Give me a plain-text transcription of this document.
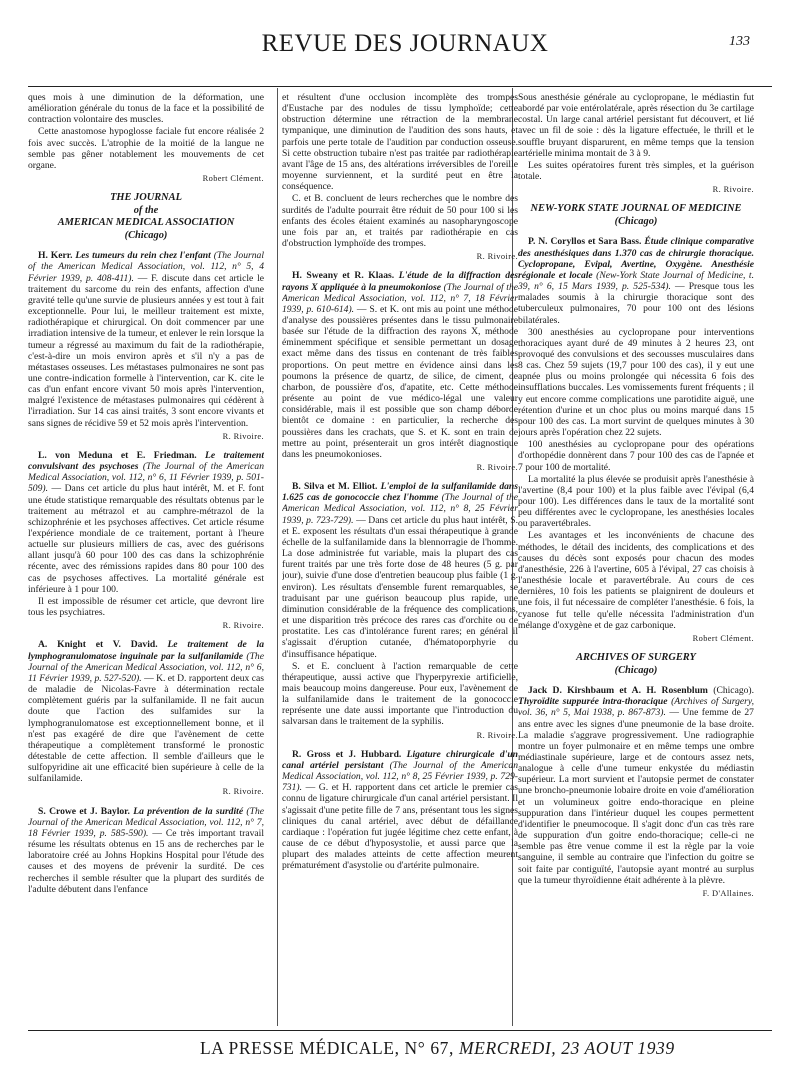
REVUE DES JOURNAUX	133

ques mois à une diminution de la déformation, une amélioration générale du tonus de la face et la possibilité de contraction volontaire des muscles.

Cette anastomose hypoglosse faciale fut encore réalisée 2 fois avec succès. L'atrophie de la moitié de la langue ne semble pas gêner notablement les mouvements de cet organe.

Robert Clément.
THE JOURNAL
of the
AMERICAN MEDICAL ASSOCIATION
(Chicago)

H. Kerr. Les tumeurs du rein chez l'enfant (The Journal of the American Medical Association, vol. 112, n° 5, 4 Février 1939, p. 408-411). — F. discute dans cet article le traitement du sarcome du rein des enfants, affection d'une gravité telle qu'une survie de plusieurs années y est tout à fait exceptionnelle. Pour lui, le meilleur traitement est mixte, radiothérapique et chirurgical. On doit commencer par une irradiation intensive de la tumeur, et enlever le rein lorsque la tumeur a régressé au maximum du fait de la radiothérapie, c'est-à-dire un mois environ après et s'il n'y a pas de métastases osseuses. Les métastases pulmonaires ne sont pas une contre-indication formelle à l'intervention, car K. cite le cas d'un enfant encore vivant 50 mois après l'intervention, malgré l'existence de métastases pulmonaires qui cédèrent à l'irradiation. Sur 14 cas ainsi traités, 3 sont encore vivants et sans signes de récidive 59 et 52 mois après l'intervention.

R. Rivoire.

L. von Meduna et E. Friedman. Le traitement convulsivant des psychoses (The Journal of the American Medical Association, vol. 112, n° 6, 11 Février 1939, p. 501-509). — Dans cet article du plus haut intérêt, M. et F. font une étude statistique remarquable des résultats obtenus par le traitement au métrazol et au camphre-métrazol de la schizophrénie et les psychoses affectives. Cet article résume l'expérience mondiale de ce traitement, portant à l'heure actuelle sur plusieurs milliers de cas, avec des guérisons allant jusqu'à 60 pour 100 des cas dans la schizophrénie récente, avec des rémissions rapides dans 80 pour 100 des cas de psychoses affectives. La mortalité générale est inférieure à 1 pour 100.

Il est impossible de résumer cet article, que devront lire tous les psychiatres.

R. Rivoire.

A. Knight et V. David. Le traitement de la lymphogranulomatose inguinale par la sulfanilamide (The Journal of the American Medical Association, vol. 112, n° 6, 11 Février 1939, p. 527-520). — K. et D. rapportent deux cas de maladie de Nicolas-Favre à détermination rectale complètement guéris par la sulfanilamide. Il ne fait aucun doute que l'action des sulfamides sur la lymphogranulomatose est exceptionnellement bonne, et il n'est pas exagéré de dire que l'avènement de cette thérapeutique a complètement transformé le pronostic détestable de cette affection. Il semble d'ailleurs que le sulfopyridine ait une efficacité bien supérieure à celle de la sulfanilamide.

R. Rivoire.

S. Crowe et J. Baylor. La prévention de la surdité (The Journal of the American Medical Association, vol. 112, n° 7, 18 Février 1939, p. 585-590). — Ce très important travail résume les résultats obtenus en 15 ans de recherches par le laboratoire créé au Johns Hopkins Hospital pour l'étude des causes et des moyens de prévenir la surdité. De ces recherches il semble résulter que la plupart des surdités de l'adulte débutent dans l'enfance

et résultent d'une occlusion incomplète des trompes d'Eustache par des nodules de tissu lymphoïde; cette obstruction détermine une rétraction de la membrane tympanique, une diminution de l'audition des sons hauts, et parfois une perte totale de l'audition par conduction osseuse. Si cette obstruction tubaire n'est pas traitée par radiothérapie avant l'âge de 15 ans, des altérations irréversibles de l'oreille moyenne surviennent, et la surdité peut en être la conséquence.

C. et B. concluent de leurs recherches que le nombre des surdités de l'adulte pourrait être réduit de 50 pour 100 si les enfants des écoles étaient examinés au nasopharyngoscope une fois par an, et traités par radiothérapie en cas d'obstruction lymphoïde des trompes.

R. Rivoire.

H. Sweany et R. Klaas. L'étude de la diffraction des rayons X appliquée à la pneumokoniose (The Journal of the American Medical Association, vol. 112, n° 7, 18 Février 1939, p. 610-614). — S. et K. ont mis au point une méthode d'analyse des poussières présentes dans le tissu pulmonaire basée sur l'étude de la diffraction des rayons X, méthode éminemment spécifique et sensible permettant un dosage exact même dans des tissus en contenant de très faibles proportions. On peut mettre en évidence ainsi dans les poumons la présence de quartz, de silice, de ciment, de charbon, de poussière d'os, d'apatite, etc. Cette méthode présente au point de vue médico-légal une valeur considérable, mais il est possible que son champ déborde bientôt ce domaine : en particulier, la recherche des poussières dans les crachats, que S. et K. sont en train de mettre au point, présenterait un gros intérêt diagnostique dans les pneumokonioses.

R. Rivoire.

B. Silva et M. Elliot. L'emploi de la sulfanilamide dans 1.625 cas de gonococcie chez l'homme (The Journal of the American Medical Association, vol. 112, n° 8, 25 Février 1939, p. 723-729). — Dans cet article du plus haut intérêt, S. et E. exposent les résultats d'un essai thérapeutique à grande échelle de la sulfanilamide dans la blennorragie de l'homme. La dose administrée fut variable, mais la plupart des cas furent traités par une très forte dose de 48 heures (5 g. par jour), suivie d'une dose d'entretien beaucoup plus faible (1 g. environ). Les résultats d'ensemble furent remarquables, se traduisant par une guérison beaucoup plus rapide, une diminution considérable de la fréquence des complications, et une disparition très précoce des rares cas d'orchite ou de prostatite. Les cas d'intolérance furent rares; en général il s'agissait d'éruption cutanée, d'hématoporphyrie ou d'insuffisance hépatique.

S. et E. concluent à l'action remarquable de cette thérapeutique, aussi active que l'hyperpyrexie artificielle, mais beaucoup moins dangereuse. Pour eux, l'avènement de la sulfanilamide dans le traitement de la gonococcie représente une date aussi importante que l'introduction du salvarsan dans le traitement de la syphilis.

R. Rivoire.

R. Gross et J. Hubbard. Ligature chirurgicale d'un canal artériel persistant (The Journal of the American Medical Association, vol. 112, n° 8, 25 Février 1939, p. 729-731). — G. et H. rapportent dans cet article le premier cas connu de ligature chirurgicale d'un canal artériel persistant. Il s'agissait d'une petite fille de 7 ans, présentant tous les signes cliniques du canal artériel, avec début de défaillance cardiaque : l'opération fut jugée légitime chez cette enfant, à cause de ce début d'hyposystolie, et aussi parce que la plupart des malades atteints de cette affection meurent prématurément d'asystolie ou d'artérite pulmonaire.

Sous anesthésie générale au cyclopropane, le médiastin fut abordé par voie entérolatérale, après résection du 3e cartilage costal. Un large canal artériel persistant fut découvert, et lié avec un fil de soie : dès la ligature effectuée, le thrill et le souffle bruyant disparurent, en même temps que la tension artérielle minima montait de 3 à 9.

Les suites opératoires furent très simples, et la guérison totale.

R. Rivoire.
NEW-YORK STATE JOURNAL OF MEDICINE
(Chicago)

P. N. Coryllos et Sara Bass. Étude clinique comparative des anesthésiques dans 1.370 cas de chirurgie thoracique. Cyclopropane, Evipal, Avertine, Oxygène. Anesthésie régionale et locale (New-York State Journal of Medicine, t. 39, n° 6, 15 Mars 1939, p. 525-534). — Presque tous les malades soumis à la chirurgie thoracique sont des tuberculeux pulmonaires, 70 pour 100 ont des lésions bilatérales.

300 anesthésies au cyclopropane pour interventions thoraciques ayant duré de 49 minutes à 2 heures 23, ont provoqué des convulsions et des secousses musculaires dans 8 cas. Chez 59 sujets (19,7 pour 100 des cas), il y eut une apnée plus ou moins prolongée qui nécessita 6 fois des insufflations buccales. Les vomissements furent fréquents ; il y eut encore comme complications une parotidite aiguë, une rétention d'urine et un choc plus ou moins marqué dans 15 pour 100 des cas. La mort survint de quelques minutes à 30 jours après l'opération chez 22 sujets.

100 anesthésies au cyclopropane pour des opérations d'orthopédie donnèrent dans 7 pour 100 des cas de l'apnée et 7 pour 100 de mortalité.

La mortalité la plus élevée se produisit après l'anesthésie à l'avertine (8,4 pour 100) et la plus faible avec l'évipal (6,4 pour 100). Les différences dans le taux de la mortalité sont peu différentes avec le cyclopropane, les anesthésies locales ou paravertébrales.

Les avantages et les inconvénients de chacune des méthodes, le détail des incidents, des complications et des causes du décès sont exposés pour chacun des modes d'anesthésie, 226 à l'avertine, 605 à l'évipal, 27 cas choisis à l'anesthésie locale et paravertébrale. Au cours de ces dernières, 10 fois les patients se plaignirent de douleurs et une fois, il fut nécessaire de compléter l'anesthésie. 6 fois, la cyanose fut telle qu'elle nécessita l'administration d'un mélange d'oxygène et de gaz carbonique.

Robert Clément.
ARCHIVES OF SURGERY
(Chicago)

Jack D. Kirshbaum et A. H. Rosenblum (Chicago). Thyroïdite suppurée intra-thoracique (Archives of Surgery, vol. 36, n° 5, Mai 1938, p. 867-873). — Une femme de 27 ans entre avec les signes d'une pneumonie de la base droite. La maladie s'aggrave progressivement. Une radiographie montre un foyer pulmonaire et en même temps une ombre médiastinale supérieure, large et de contours assez nets, analogue à celle d'une tumeur enkystée du médiastin supérieur. La mort survient et l'autopsie permet de constater une broncho-pneumonie lobaire droite en voie d'amélioration et un volumineux goitre endo-thoracique en pleine suppuration dans l'intérieur duquel les coupes permettent d'identifier le pneumocoque. Il s'agit donc d'un cas très rare de suppuration d'un goitre endo-thoracique; celle-ci ne semble pas être venue comme il est la règle par la voie sanguine, il semble au contraire que l'infection du goitre se soit faite par contiguïté, l'autopsie ayant montré au surplus que la tumeur thyroïdienne était adhérente à la plèvre.

F. D'Allaines.
LA PRESSE MÉDICALE, N° 67, MERCREDI, 23 AOUT 1939
